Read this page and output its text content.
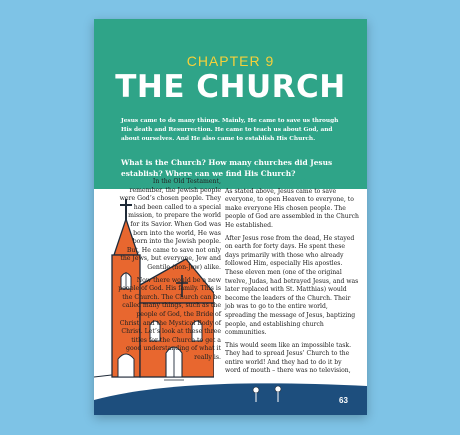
CHAPTER 9
THE CHURCH
Jesus came to do many things. Mainly, He came to save us through His death and Resurrection. He came to teach us about God, and about ourselves. And He also came to establish His Church.
What is the Church? How many churches did Jesus establish? Where can we find His Church?

In the Old Testament, remember, the Jewish people were God’s chosen people. They had been called to a special mission, to prepare the world for its Savior. When God was born into the world, He was born into the Jewish people. But, He came to save not only the Jews, but everyone, Jew and Gentile (non-Jew) alike.

Now there would be a new people of God. His family. This is the Church. The Church can be called many things, such as the people of God, the Bride of Christ, and the Mystical Body of Christ. Let’s look at these three titles for the Church to get a good understanding of what it really is.

THE PEOPLE OF GOD

As stated above, Jesus came to save everyone, to open Heaven to everyone, to make everyone His chosen people. The people of God are assembled in the Church He established.

After Jesus rose from the dead, He stayed on earth for forty days. He spent these days primarily with those who already followed Him, especially His apostles. These eleven men (one of the original twelve, Judas, had betrayed Jesus, and was later replaced with St. Matthias) would become the leaders of the Church. Their job was to go to the entire world, spreading the message of Jesus, baptizing people, and establishing church communities.

This would seem like an impossible task. They had to spread Jesus’ Church to the entire world! And they had to do it by word of mouth – there was no television,

63
